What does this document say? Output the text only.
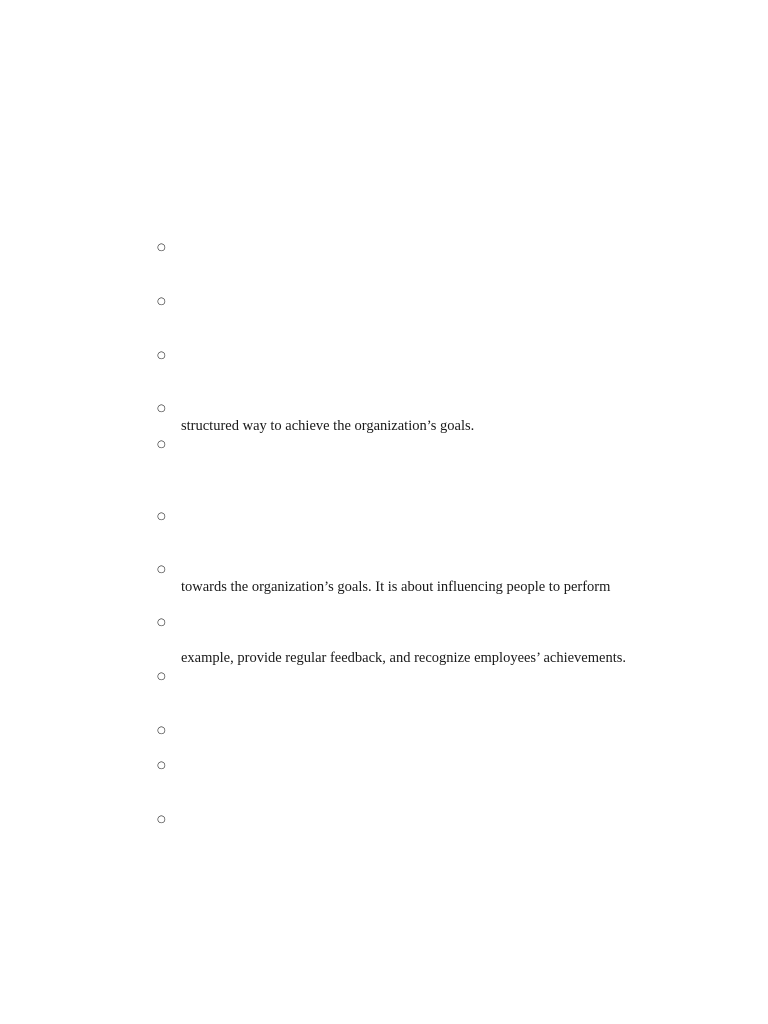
○
○
○
○
structured way to achieve the organization’s goals.
○
○
○
towards the organization’s goals. It is about influencing people to perform
○
example, provide regular feedback, and recognize employees’ achievements.
○
○
○
○
